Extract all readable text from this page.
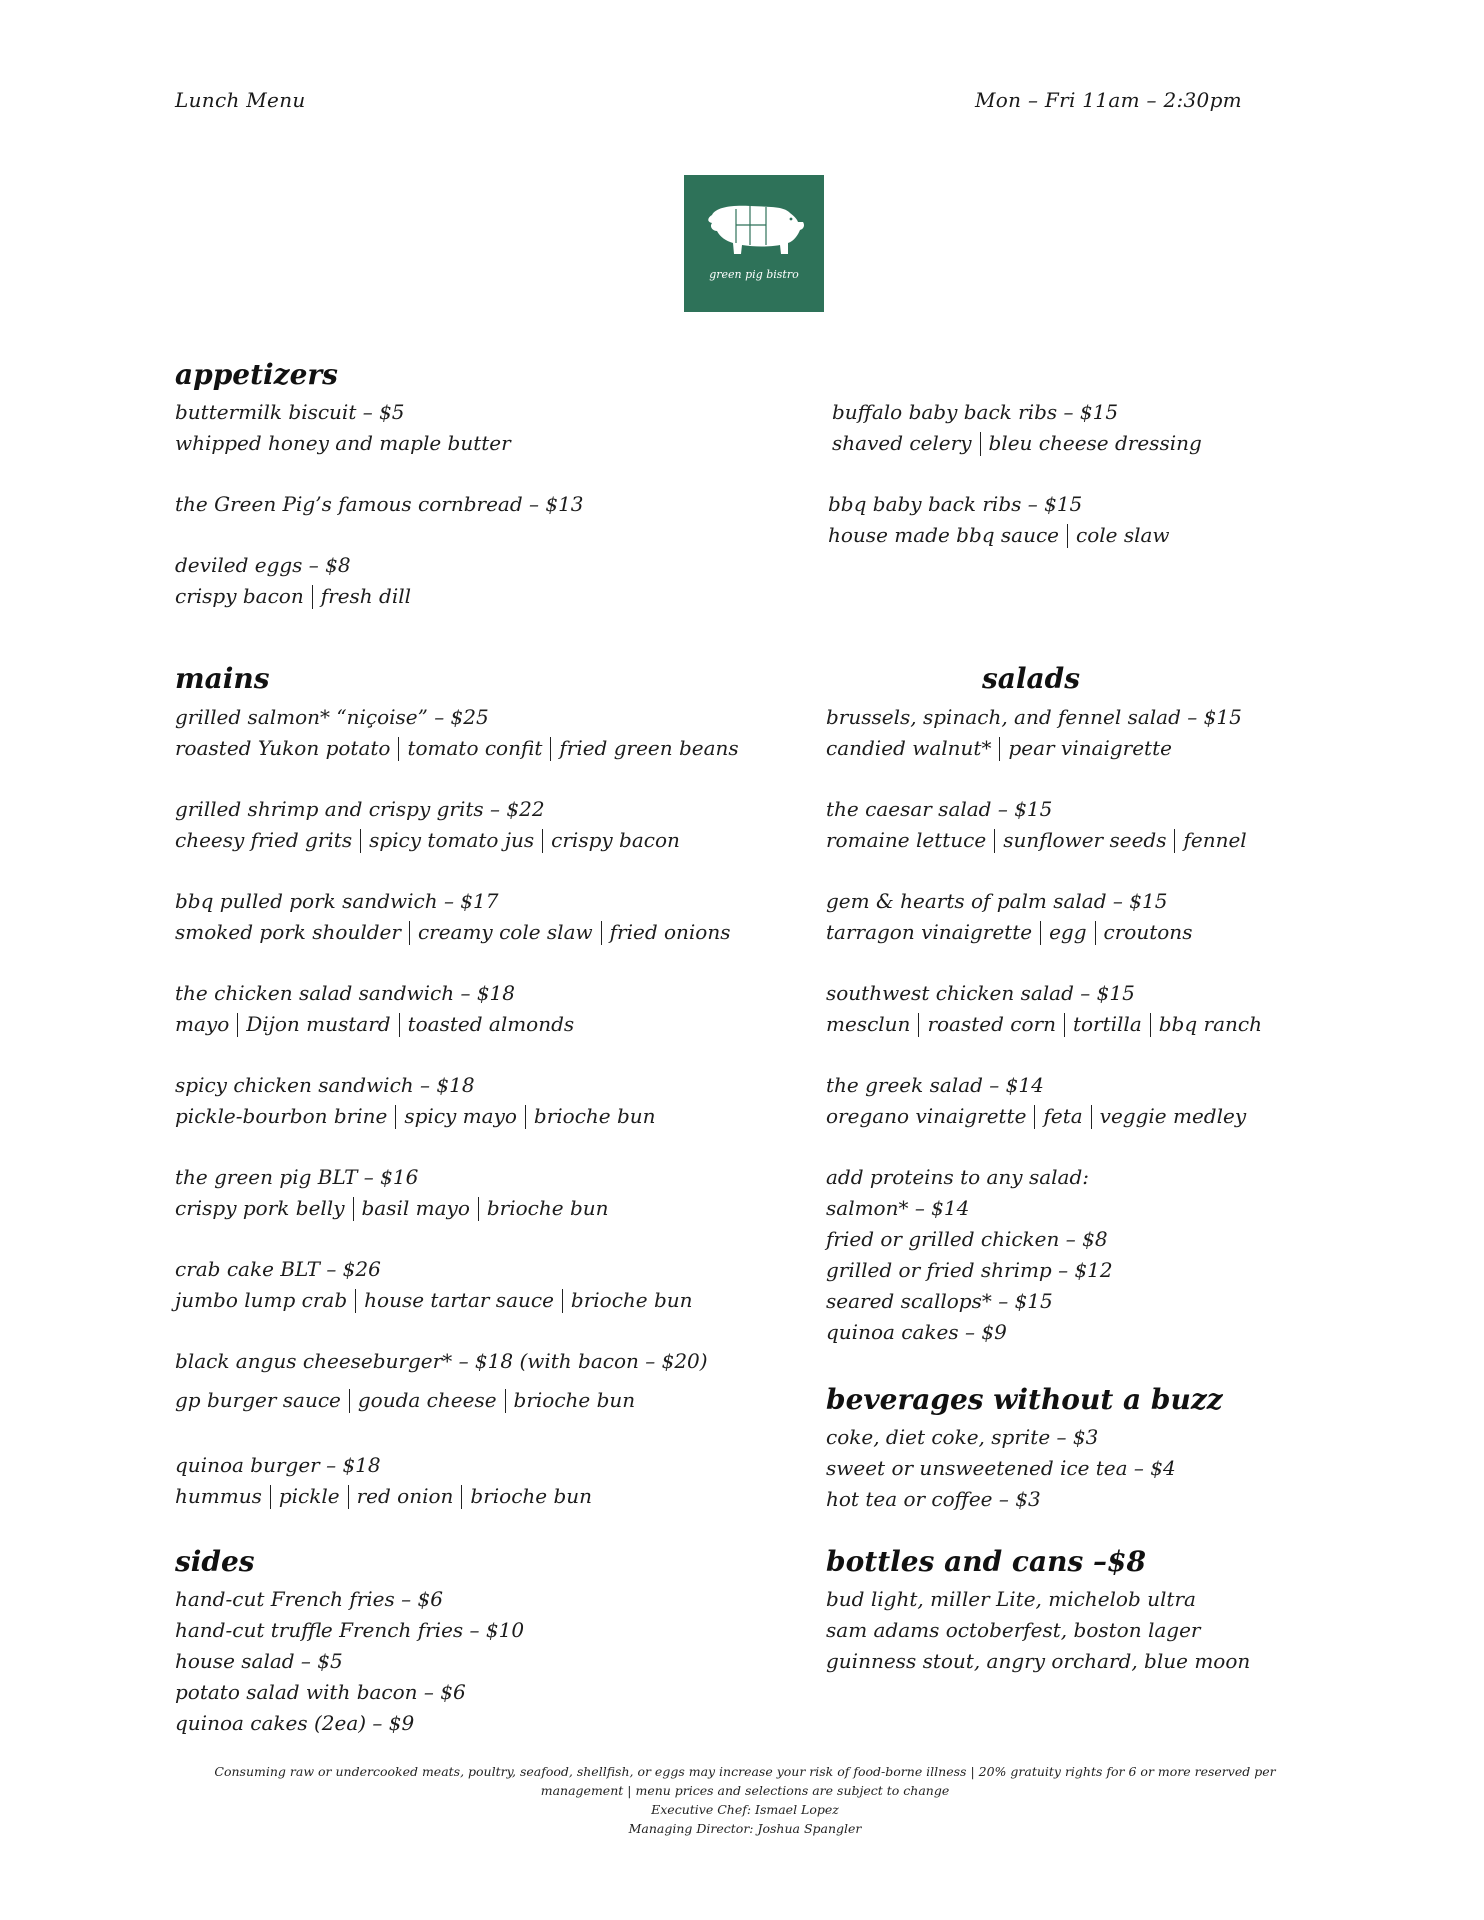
Lunch Menu	Mon – Fri 11am – 2:30pm
green pig bistro
appetizers
buttermilk biscuit – $5
whipped honey and maple butter
the Green Pig’s famous cornbread – $13
deviled eggs – $8
crispy bacon fresh dill
buffalo baby back ribs – $15
shaved celery bleu cheese dressing
bbq baby back ribs – $15
house made bbq sauce cole slaw
mains
grilled salmon* “niçoise” – $25
roasted Yukon potato tomato confit fried green beans
grilled shrimp and crispy grits – $22
cheesy fried grits spicy tomato jus crispy bacon
bbq pulled pork sandwich – $17
smoked pork shoulder creamy cole slaw fried onions
the chicken salad sandwich – $18
mayo Dijon mustard toasted almonds
spicy chicken sandwich – $18
pickle-bourbon brine spicy mayo brioche bun
the green pig BLT – $16
crispy pork belly basil mayo brioche bun
crab cake BLT – $26
jumbo lump crab house tartar sauce brioche bun
black angus cheeseburger* – $18 (with bacon – $20)
gp burger sauce gouda cheese brioche bun
quinoa burger – $18
hummus pickle red onion brioche bun
sides
hand-cut French fries – $6
hand-cut truffle French fries – $10
house salad – $5
potato salad with bacon – $6
quinoa cakes (2ea) – $9
salads
brussels, spinach, and fennel salad – $15
candied walnut* pear vinaigrette
the caesar salad – $15
romaine lettuce sunflower seeds fennel
gem & hearts of palm salad – $15
tarragon vinaigrette egg croutons
southwest chicken salad – $15
mesclun roasted corn tortilla bbq ranch
the greek salad – $14
oregano vinaigrette feta veggie medley
add proteins to any salad:
salmon* – $14
fried or grilled chicken – $8
grilled or fried shrimp – $12
seared scallops* – $15
quinoa cakes – $9
beverages without a buzz
coke, diet coke, sprite – $3
sweet or unsweetened ice tea – $4
hot tea or coffee – $3
bottles and cans –$8
bud light, miller Lite, michelob ultra
sam adams octoberfest, boston lager
guinness stout, angry orchard, blue moon
Consuming raw or undercooked meats, poultry, seafood, shellfish, or eggs may increase your risk of food-borne illness | 20% gratuity rights for 6 or more reserved per management | menu prices and selections are subject to change
Executive Chef: Ismael Lopez
Managing Director: Joshua Spangler
